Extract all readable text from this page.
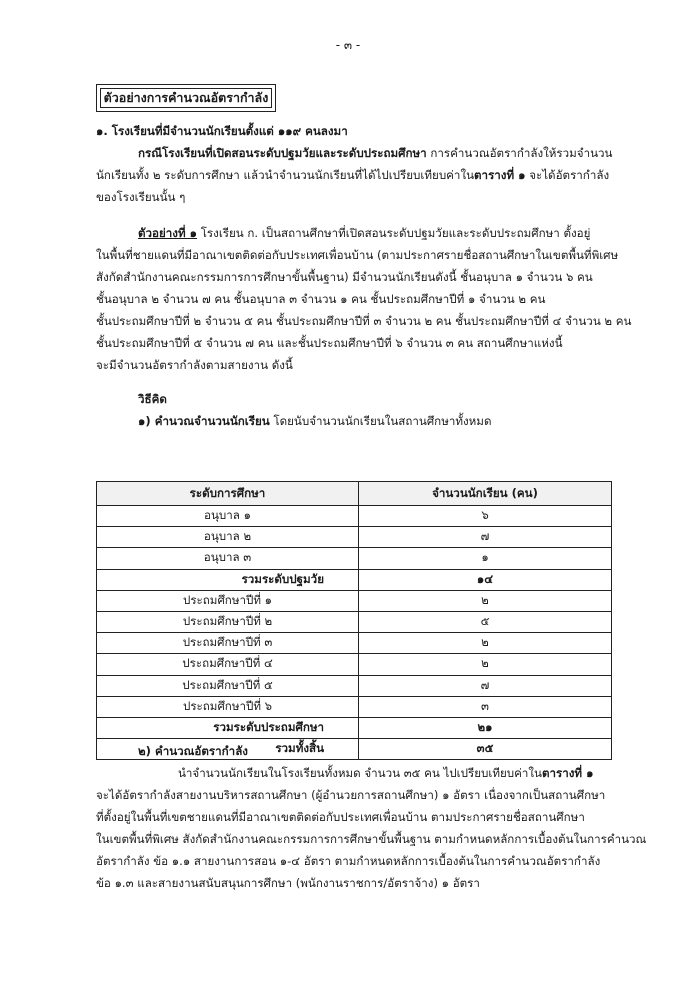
- ๓ -
ตัวอย่างการคำนวณอัตรากำลัง
๑. โรงเรียนที่มีจำนวนนักเรียนตั้งแต่ ๑๑๙ คนลงมา
กรณีโรงเรียนที่เปิดสอนระดับปฐมวัยและระดับประถมศึกษา การคำนวณอัตรากำลังให้รวมจำนวน
นักเรียนทั้ง ๒ ระดับการศึกษา แล้วนำจำนวนนักเรียนที่ได้ไปเปรียบเทียบค่าในตารางที่ ๑ จะได้อัตรากำลัง
ของโรงเรียนนั้น ๆ
ตัวอย่างที่ ๑ โรงเรียน ก. เป็นสถานศึกษาที่เปิดสอนระดับปฐมวัยและระดับประถมศึกษา ตั้งอยู่
ในพื้นที่ชายแดนที่มีอาณาเขตติดต่อกับประเทศเพื่อนบ้าน (ตามประกาศรายชื่อสถานศึกษาในเขตพื้นที่พิเศษ
สังกัดสำนักงานคณะกรรมการการศึกษาขั้นพื้นฐาน) มีจำนวนนักเรียนดังนี้ ชั้นอนุบาล ๑ จำนวน ๖ คน
ชั้นอนุบาล ๒ จำนวน ๗ คน ชั้นอนุบาล ๓ จำนวน ๑ คน ชั้นประถมศึกษาปีที่ ๑ จำนวน ๒ คน
ชั้นประถมศึกษาปีที่ ๒ จำนวน ๕ คน ชั้นประถมศึกษาปีที่ ๓ จำนวน ๒ คน ชั้นประถมศึกษาปีที่ ๔ จำนวน ๒ คน
ชั้นประถมศึกษาปีที่ ๕ จำนวน ๗ คน และชั้นประถมศึกษาปีที่ ๖ จำนวน ๓ คน สถานศึกษาแห่งนี้
จะมีจำนวนอัตรากำลังตามสายงาน ดังนี้
วิธีคิด
๑) คำนวณจำนวนนักเรียน โดยนับจำนวนนักเรียนในสถานศึกษาทั้งหมด
ระดับการศึกษา	จำนวนนักเรียน (คน)
อนุบาล ๑	๖
อนุบาล ๒	๗
อนุบาล ๓	๑
รวมระดับปฐมวัย	๑๔
ประถมศึกษาปีที่ ๑	๒
ประถมศึกษาปีที่ ๒	๕
ประถมศึกษาปีที่ ๓	๒
ประถมศึกษาปีที่ ๔	๒
ประถมศึกษาปีที่ ๕	๗
ประถมศึกษาปีที่ ๖	๓
รวมระดับประถมศึกษา	๒๑
รวมทั้งสิ้น	๓๕
๒) คำนวณอัตรากำลัง
นำจำนวนนักเรียนในโรงเรียนทั้งหมด จำนวน ๓๕ คน ไปเปรียบเทียบค่าในตารางที่ ๑
จะได้อัตรากำลังสายงานบริหารสถานศึกษา (ผู้อำนวยการสถานศึกษา) ๑ อัตรา เนื่องจากเป็นสถานศึกษา
ที่ตั้งอยู่ในพื้นที่เขตชายแดนที่มีอาณาเขตติดต่อกับประเทศเพื่อนบ้าน ตามประกาศรายชื่อสถานศึกษา
ในเขตพื้นที่พิเศษ สังกัดสำนักงานคณะกรรมการการศึกษาขั้นพื้นฐาน ตามกำหนดหลักการเบื้องต้นในการคำนวณ
อัตรากำลัง ข้อ ๑.๑ สายงานการสอน ๑-๔ อัตรา ตามกำหนดหลักการเบื้องต้นในการคำนวณอัตรากำลัง
ข้อ ๑.๓ และสายงานสนับสนุนการศึกษา (พนักงานราชการ/อัตราจ้าง) ๑ อัตรา
